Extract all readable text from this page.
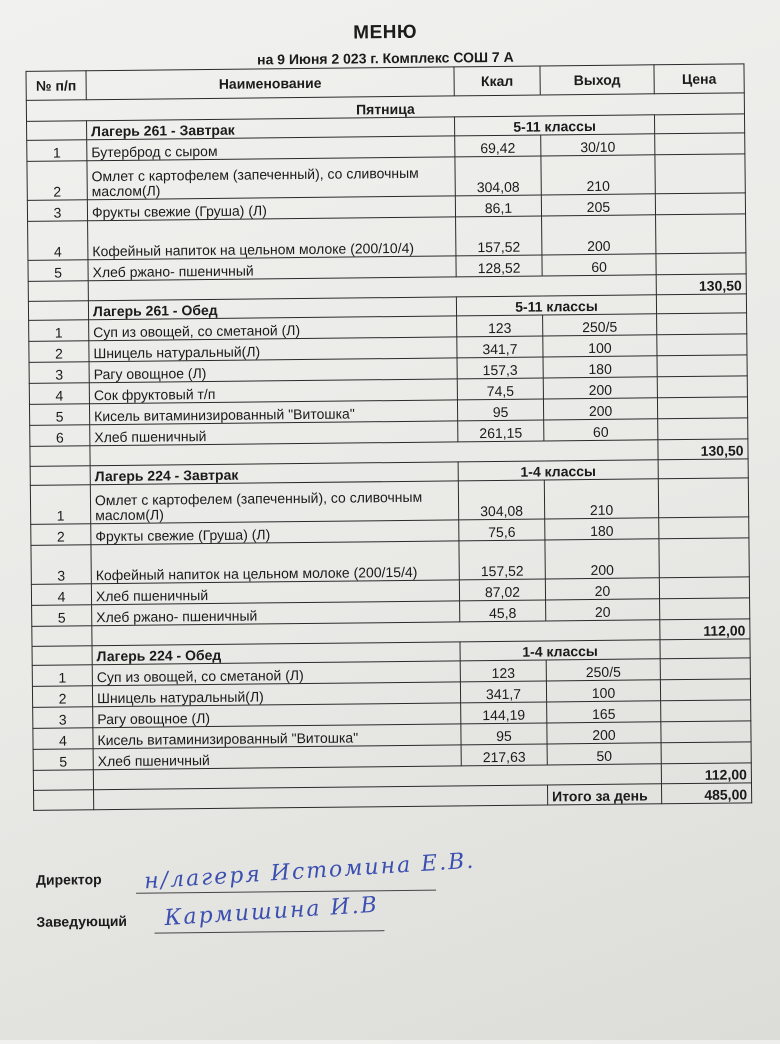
МЕНЮ
на 9 Июня 2 023 г. Комплекс СОШ 7 А
№ п/п	Наименование	Ккал	Выход	Цена
Пятница				
	Лагерь 261 - Завтрак	5-11 классы		
1	Бутерброд с сыром	69,42	30/10	
2	Омлет с картофелем (запеченный), со сливочным маслом(Л)	304,08	210	
3	Фрукты свежие (Груша) (Л)	86,1	205	
4	Кофейный напиток на цельном молоке (200/10/4)	157,52	200	
5	Хлеб ржано- пшеничный	128,52	60	
				130,50
	Лагерь 261 - Обед	5-11 классы		
1	Суп из овощей, со сметаной (Л)	123	250/5	
2	Шницель натуральный(Л)	341,7	100	
3	Рагу овощное (Л)	157,3	180	
4	Сок фруктовый т/п	74,5	200	
5	Кисель витаминизированный "Витошка"	95	200	
6	Хлеб пшеничный	261,15	60	
				130,50
	Лагерь 224 - Завтрак	1-4 классы		
1	Омлет с картофелем (запеченный), со сливочным маслом(Л)	304,08	210	
2	Фрукты свежие (Груша) (Л)	75,6	180	
3	Кофейный напиток на цельном молоке (200/15/4)	157,52	200	
4	Хлеб пшеничный	87,02	20	
5	Хлеб ржано- пшеничный	45,8	20	
				112,00
	Лагерь 224 - Обед	1-4 классы		
1	Суп из овощей, со сметаной (Л)	123	250/5	
2	Шницель натуральный(Л)	341,7	100	
3	Рагу овощное (Л)	144,19	165	
4	Кисель витаминизированный "Витошка"	95	200	
5	Хлеб пшеничный	217,63	50	
				112,00
			Итого за день	485,00
Директор н/лагеря Истомина Е.В.
Заведующий Кармишина И.В
